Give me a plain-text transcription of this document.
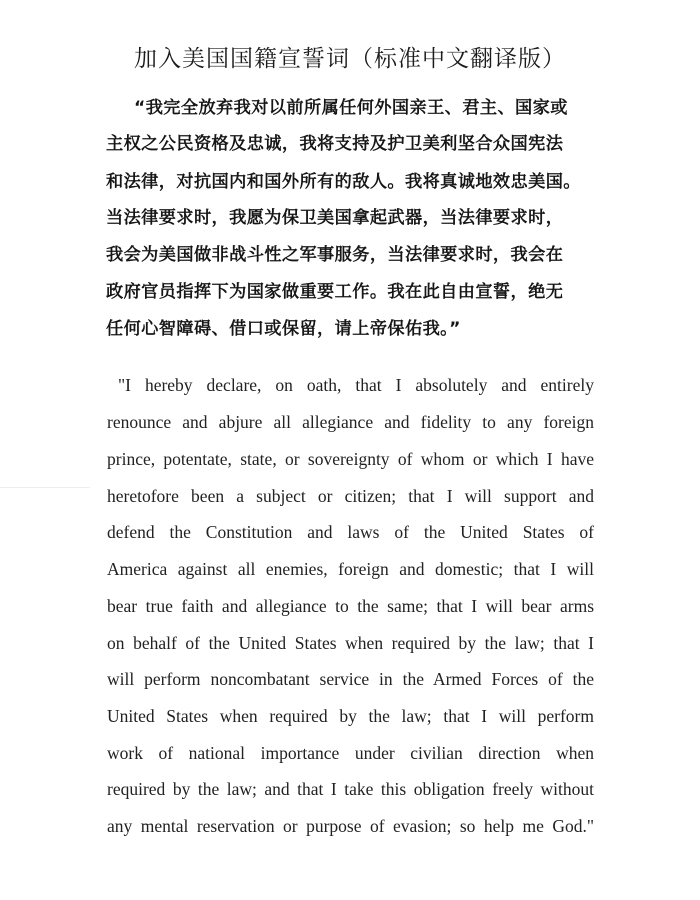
加入美国国籍宣誓词（标准中文翻译版）
“我完全放弃我对以前所属任何外国亲王、君主、国家或
主权之公民资格及忠诚，我将支持及护卫美利坚合众国宪法
和法律，对抗国内和国外所有的敌人。我将真诚地效忠美国。
当法律要求时，我愿为保卫美国拿起武器，当法律要求时，
我会为美国做非战斗性之军事服务，当法律要求时，我会在
政府官员指挥下为国家做重要工作。我在此自由宣誓，绝无
任何心智障碍、借口或保留，请上帝保佑我。”
"I hereby declare, on oath, that I absolutely and entirely
renounce and abjure all allegiance and fidelity to any foreign
prince, potentate, state, or sovereignty of whom or which I have
heretofore been a subject or citizen; that I will support and
defend the Constitution and laws of the United States of
America against all enemies, foreign and domestic; that I will
bear true faith and allegiance to the same; that I will bear arms
on behalf of the United States when required by the law; that I
will perform noncombatant service in the Armed Forces of the
United States when required by the law; that I will perform
work of national importance under civilian direction when
required by the law; and that I take this obligation freely without
any mental reservation or purpose of evasion; so help me God."
